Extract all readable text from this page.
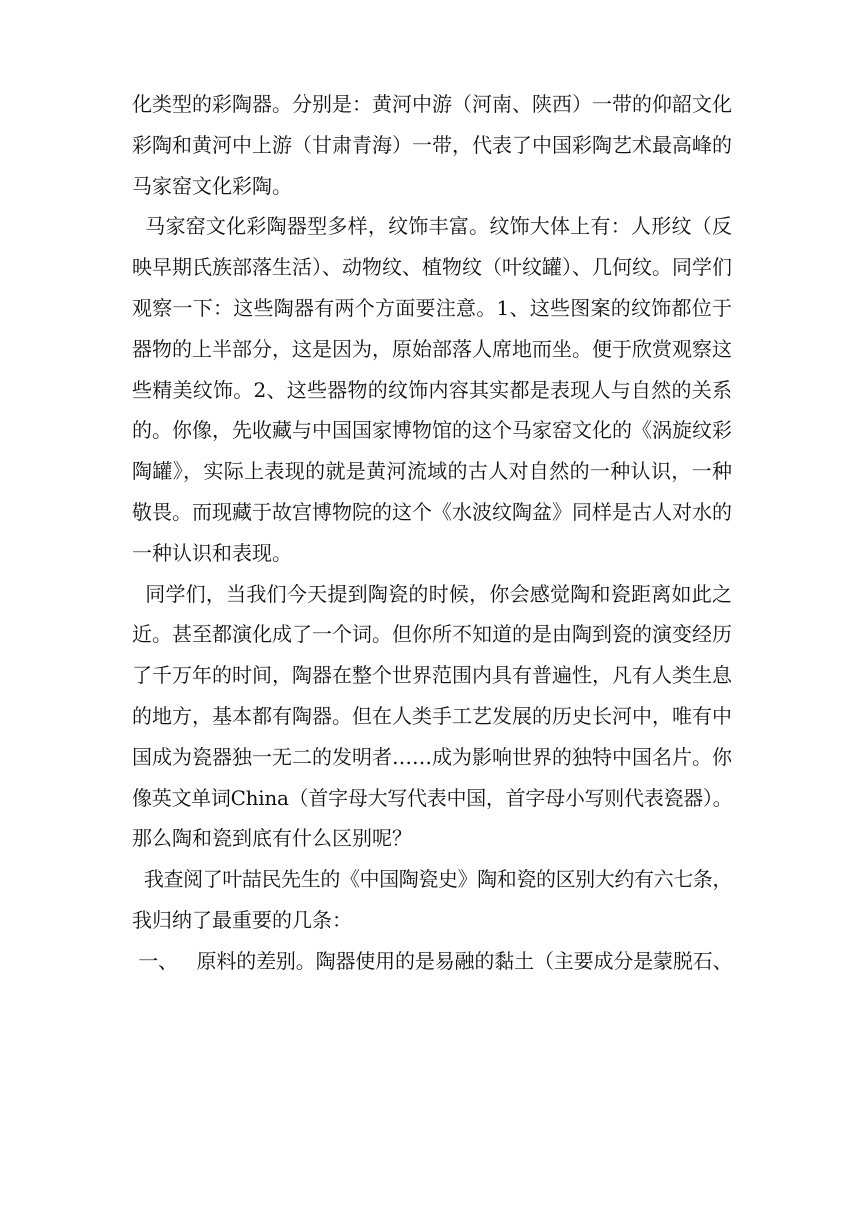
化类型的彩陶器。分别是：黄河中游（河南、陕西）一带的仰韶文化
彩陶和黄河中上游（甘肃青海）一带，代表了中国彩陶艺术最高峰的
马家窑文化彩陶。
马家窑文化彩陶器型多样，纹饰丰富。纹饰大体上有：人形纹（反
映早期氏族部落生活）、动物纹、植物纹（叶纹罐）、几何纹。同学们
观察一下：这些陶器有两个方面要注意。1、这些图案的纹饰都位于
器物的上半部分，这是因为，原始部落人席地而坐。便于欣赏观察这
些精美纹饰。2、这些器物的纹饰内容其实都是表现人与自然的关系
的。你像，先收藏与中国国家博物馆的这个马家窑文化的《涡旋纹彩
陶罐》，实际上表现的就是黄河流域的古人对自然的一种认识，一种
敬畏。而现藏于故宫博物院的这个《水波纹陶盆》同样是古人对水的
一种认识和表现。
同学们，当我们今天提到陶瓷的时候，你会感觉陶和瓷距离如此之
近。甚至都演化成了一个词。但你所不知道的是由陶到瓷的演变经历
了千万年的时间，陶器在整个世界范围内具有普遍性，凡有人类生息
的地方，基本都有陶器。但在人类手工艺发展的历史长河中，唯有中
国成为瓷器独一无二的发明者……成为影响世界的独特中国名片。你
像英文单词China（首字母大写代表中国，首字母小写则代表瓷器）。
那么陶和瓷到底有什么区别呢？
我查阅了叶喆民先生的《中国陶瓷史》陶和瓷的区别大约有六七条，
我归纳了最重要的几条：
一、   原料的差别。陶器使用的是易融的黏土（主要成分是蒙脱石、
